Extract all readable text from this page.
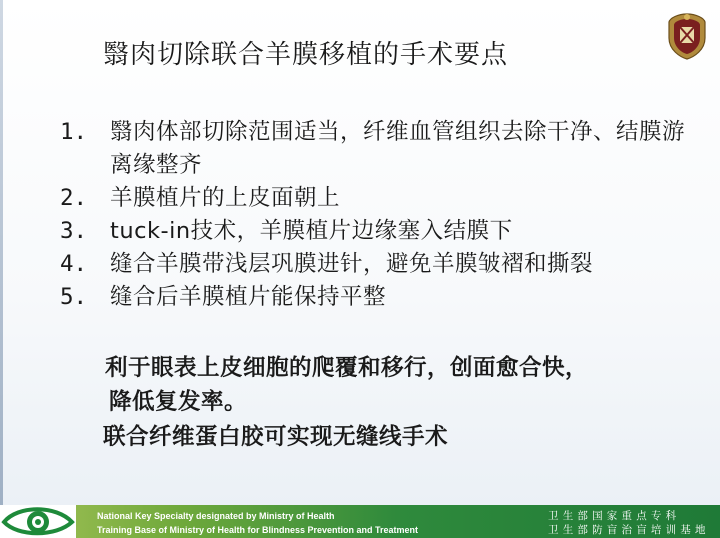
翳肉切除联合羊膜移植的手术要点
1.	翳肉体部切除范围适当，纤维血管组织去除干净、结膜游离缘整齐
2.	羊膜植片的上皮面朝上
3.	tuck-in技术，羊膜植片边缘塞入结膜下
4.	缝合羊膜带浅层巩膜进针，避免羊膜皱褶和撕裂
5.	缝合后羊膜植片能保持平整
利于眼表上皮细胞的爬覆和移行，创面愈合快，
降低复发率。
联合纤维蛋白胶可实现无缝线手术
National Key Specialty designated by Ministry of Health
Training Base of Ministry of Health for Blindness Prevention and Treatment
卫生部国家重点专科
卫生部防盲治盲培训基地
